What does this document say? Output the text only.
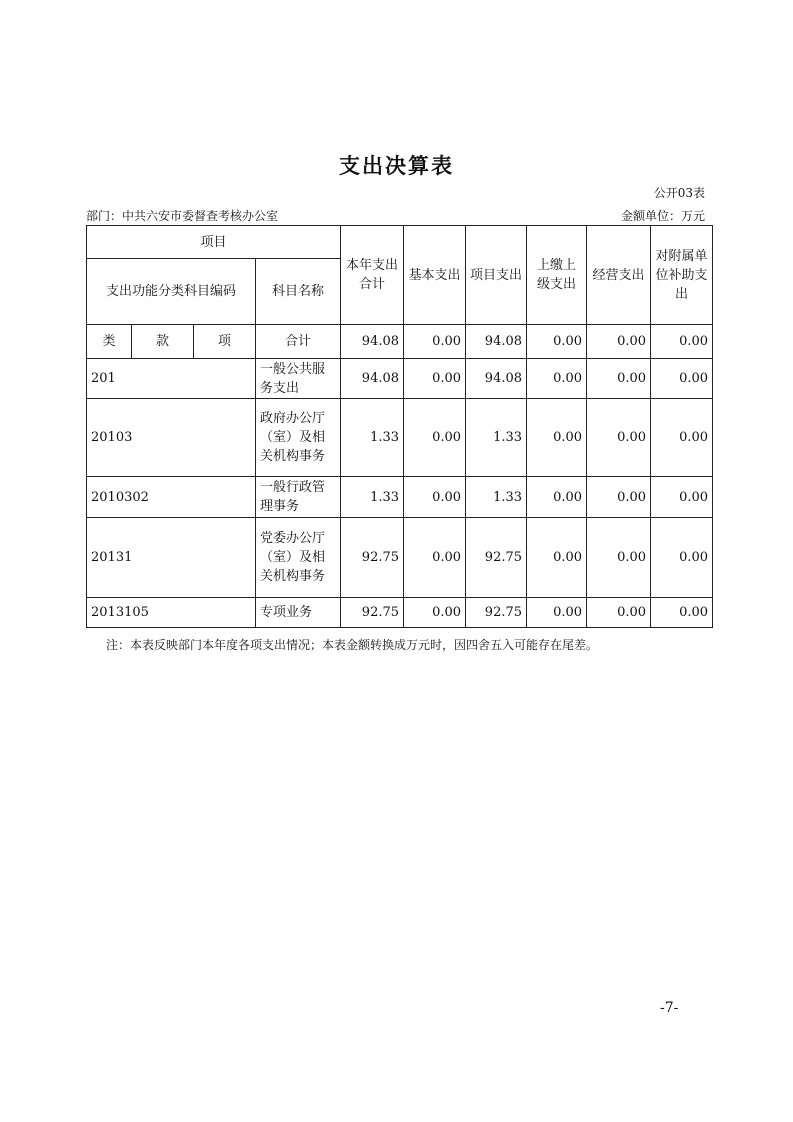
支出决算表
公开03表
部门：中共六安市委督查考核办公室	金额单位：万元
项目				本年支出合计	基本支出	项目支出	上缴上级支出	经营支出	对附属单位补助支出
支出功能分类科目编码			科目名称						
类	款	项	合计	94.08	0.00	94.08	0.00	0.00	0.00
201			一般公共服务支出	94.08	0.00	94.08	0.00	0.00	0.00
20103			政府办公厅（室）及相关机构事务	1.33	0.00	1.33	0.00	0.00	0.00
2010302			一般行政管理事务	1.33	0.00	1.33	0.00	0.00	0.00
20131			党委办公厅（室）及相关机构事务	92.75	0.00	92.75	0.00	0.00	0.00
2013105			专项业务	92.75	0.00	92.75	0.00	0.00	0.00
注：本表反映部门本年度各项支出情况；本表金额转换成万元时，因四舍五入可能存在尾差。
-7-
